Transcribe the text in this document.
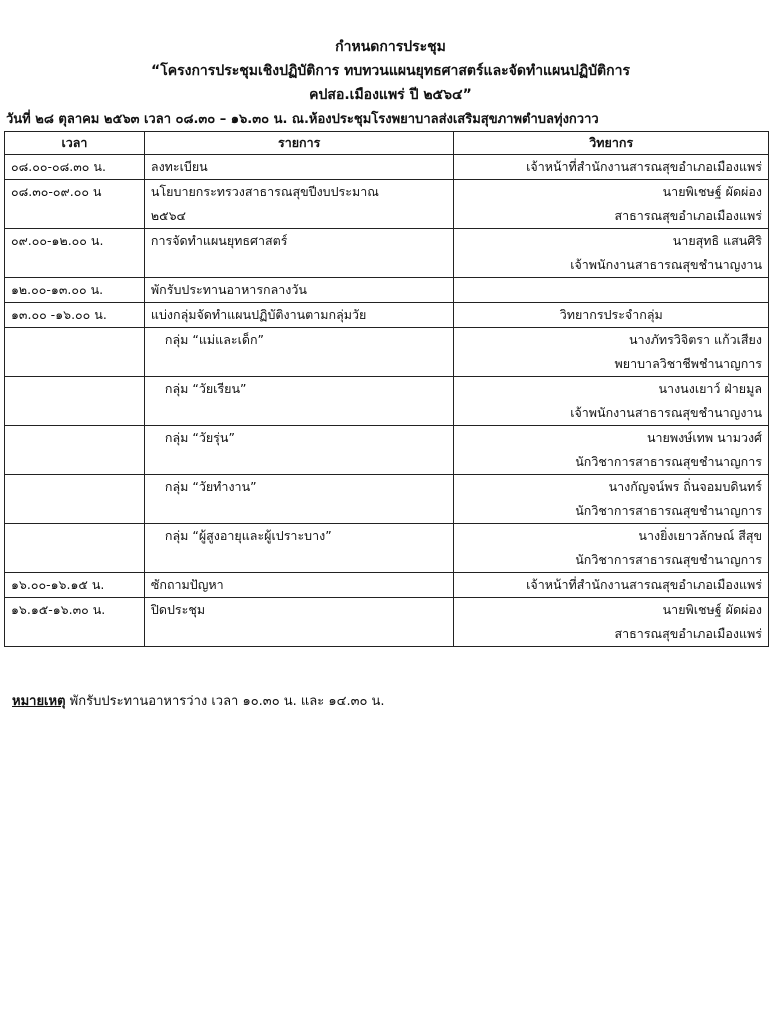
กำหนดการประชุม
“โครงการประชุมเชิงปฏิบัติการ ทบทวนแผนยุทธศาสตร์และจัดทำแผนปฏิบัติการ
คปสอ.เมืองแพร่ ปี ๒๕๖๔”
วันที่ ๒๘ ตุลาคม ๒๕๖๓ เวลา ๐๘.๓๐ – ๑๖.๓๐ น. ณ.ห้องประชุมโรงพยาบาลส่งเสริมสุขภาพตำบลทุ่งกวาว
เวลา	รายการ	วิทยากร

๐๘.๐๐-๐๘.๓๐ น.	ลงทะเบียน	เจ้าหน้าที่สำนักงานสารณสุขอำเภอเมืองแพร่

๐๘.๓๐-๐๙.๐๐ น	นโยบายกระทรวงสาธารณสุขปีงบประมาณ
๒๕๖๔	นายพิเชษฐ์ ผัดผ่อง
สาธารณสุขอำเภอเมืองแพร่

๐๙.๐๐-๑๒.๐๐ น.	การจัดทำแผนยุทธศาสตร์	นายสุทธิ แสนศิริ
เจ้าพนักงานสาธารณสุขชำนาญงาน

๑๒.๐๐-๑๓.๐๐ น.	พักรับประทานอาหารกลางวัน	

๑๓.๐๐ -๑๖.๐๐ น.	แบ่งกลุ่มจัดทำแผนปฏิบัติงานตามกลุ่มวัย	วิทยากรประจำกลุ่ม

	กลุ่ม “แม่และเด็ก”	นางภัทรวิจิตรา แก้วเสียง
พยาบาลวิชาชีพชำนาญการ

	กลุ่ม “วัยเรียน”	นางนงเยาว์ ฝ่ายมูล
เจ้าพนักงานสาธารณสุขชำนาญงาน

	กลุ่ม “วัยรุ่น”	นายพงษ์เทพ นามวงศ์
นักวิชาการสาธารณสุขชำนาญการ

	กลุ่ม “วัยทำงาน”	นางกัญจน์พร ถิ่นจอมบดินทร์
นักวิชาการสาธารณสุขชำนาญการ

	กลุ่ม “ผู้สูงอายุและผู้เปราะบาง”	นางยิ่งเยาวลักษณ์ สีสุข
นักวิชาการสาธารณสุขชำนาญการ

๑๖.๐๐-๑๖.๑๕ น.	ซักถามปัญหา	เจ้าหน้าที่สำนักงานสารณสุขอำเภอเมืองแพร่

๑๖.๑๕-๑๖.๓๐ น.	ปิดประชุม	นายพิเชษฐ์ ผัดผ่อง
สาธารณสุขอำเภอเมืองแพร่
หมายเหตุ พักรับประทานอาหารว่าง เวลา ๑๐.๓๐ น. และ ๑๔.๓๐ น.
